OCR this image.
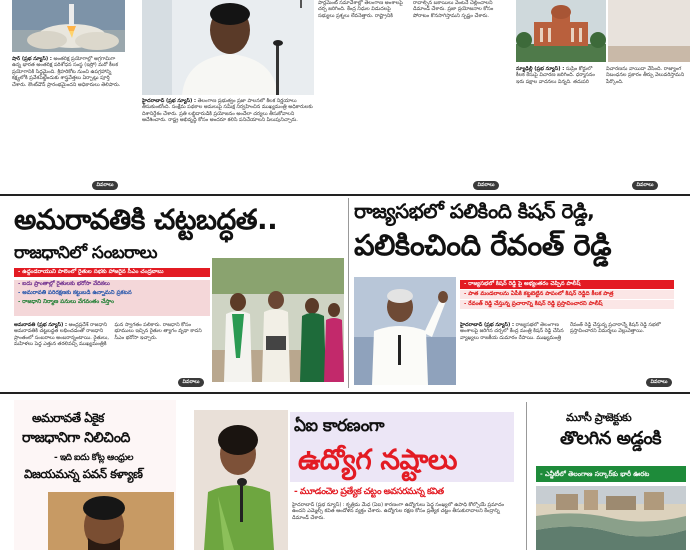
షార్‌ (ప్రభ న్యూస్‌) : అంతరిక్ష ప్రయోగాల్లో అగ్రగామిగా ఉన్న భారత అంతరిక్ష పరిశోధన సంస్థ (ఇస్రో) మరో కీలక ప్రయోగానికి సిద్ధమైంది. శ్రీహరికోట నుంచి ఉపగ్రహాన్ని కక్ష్యలోకి ప్రవేశపెట్టేందుకు శాస్త్రవేత్తలు ఏర్పాట్లు పూర్తి చేశారు. కౌంట్‌డౌన్‌ ప్రారంభమైందని అధికారులు తెలిపారు.
వివరాలు
హైదరాబాద్‌ (ప్రభ న్యూస్‌) : తెలంగాణ ప్రభుత్వం ప్రజా పాలనలో కీలక నిర్ణయాలు తీసుకుంటోంది. సంక్షేమ పథకాల అమలుపై సమీక్ష నిర్వహించిన ముఖ్యమంత్రి అధికారులకు దిశానిర్దేశం చేశారు. ప్రతి లబ్ధిదారుడికి ప్రయోజనం అందేలా చర్యలు తీసుకోవాలని ఆదేశించారు. రాష్ట్ర అభివృద్ధి కోసం అందరూ కలిసి పనిచేయాలని పిలుపునిచ్చారు.
పార్లమెంట్‌ సమావేశాల్లో తెలంగాణ అంశాలపై చర్చ జరిగింది. కేంద్ర నిధుల విడుదలపై సభ్యులు ప్రశ్నలు లేవనెత్తారు. రాష్ట్రానికి రావాల్సిన బకాయిలు వెంటనే చెల్లించాలని డిమాండ్‌ చేశారు. ప్రజా ప్రయోజనాల కోసం పోరాటం కొనసాగిస్తామని స్పష్టం చేశారు.
వివరాలు
న్యూఢిల్లీ (ప్రభ న్యూస్‌) : సుప్రీం కోర్టులో కీలక కేసుపై విచారణ జరిగింది. ధర్మాసనం ఇరు పక్షాల వాదనలు విన్నది. తదుపరి విచారణను వాయిదా వేసింది. రాజ్యాంగ నిబంధనల ప్రకారం తీర్పు వెలువరిస్తామని పేర్కొంది.
వివరాలు
అమరావతికి చట్టబద్ధత..
రాజధానిలో సంబరాలు
- ఉద్దండరాయుని పాలెంలో రైతుల సభకు హాజరైన సీఎం చంద్రబాబు
- ఐదు ప్రాంతాల్లో రైతులకు భరోసా వేదికలు
- అమరావతి పరిరక్షణకు కట్టుబడి ఉన్నామని ప్రకటన
- రాజధాని నిర్మాణ పనులు వేగవంతం చేస్తాం
అమరావతి (ప్రభ న్యూస్‌) : ఆంధ్రప్రదేశ్‌ రాజధాని అమరావతికి చట్టబద్ధత లభించడంతో రాజధాని ప్రాంతంలో సంబరాలు అంబరాన్నంటాయి. రైతులు, మహిళలు పెద్ద ఎత్తున తరలివచ్చి ముఖ్యమంత్రికి ఘన స్వాగతం పలికారు. రాజధాని కోసం భూములు ఇచ్చిన రైతుల త్యాగం వృథా కాదని సీఎం భరోసా ఇచ్చారు.
వివరాలు
రాజ్యసభలో పలికింది కిషన్‌ రెడ్డి,
పలికించింది రేవంత్‌ రెడ్డి
- రాజ్యసభలో కిషన్‌ రెడ్డి పై అభ్యంతరం చెప్పిన పాలీష్‌
- పాత మండలాలను ఏపీకి కట్టబెట్టిన పాపంలో కిషన్‌ రెడ్డిది కీలక పాత్ర
- రేవంత్‌ రెడ్డి చేస్తున్న ప్రచారాన్ని కిషన్‌ రెడ్డి ప్రస్తావించారని పాలీష్‌
హైదరాబాద్‌ (ప్రభ న్యూస్‌) : రాజ్యసభలో తెలంగాణ అంశాలపై జరిగిన చర్చలో కేంద్ర మంత్రి కిషన్‌ రెడ్డి చేసిన వ్యాఖ్యలు రాజకీయ దుమారం రేపాయి. ముఖ్యమంత్రి రేవంత్‌ రెడ్డి చేస్తున్న ప్రచారాన్నే కిషన్‌ రెడ్డి సభలో ప్రస్తావించారని విమర్శలు వెల్లువెత్తాయి.
వివరాలు
అమరావతే ఏకైక
రాజధానిగా నిలిచింది
- ఇది ఐదు కోట్ల ఆంధ్రుల
విజయమన్న పవన్‌ కళ్యాణ్‌
ఏఐ కారణంగా
ఉద్యోగ నష్టాలు
- మూడంచెల ప్రత్యేక చట్టం అవసరమన్న కవిత
హైదరాబాద్‌ (ప్రభ న్యూస్‌) : కృత్రిమ మేధ (ఏఐ) కారణంగా ఉద్యోగులు పెద్ద సంఖ్యలో ఉపాధి కోల్పోయే ప్రమాదం ఉందని ఎమ్మెల్సీ కవిత ఆందోళన వ్యక్తం చేశారు. ఉద్యోగుల రక్షణ కోసం ప్రత్యేక చట్టం తీసుకురావాలని కేంద్రాన్ని డిమాండ్‌ చేశారు.
మూసీ ప్రాజెక్టుకు
తొలగిన అడ్డంకి
- ఎన్జీటీలో తెలంగాణ సర్కార్‌కు భారీ ఊరట
